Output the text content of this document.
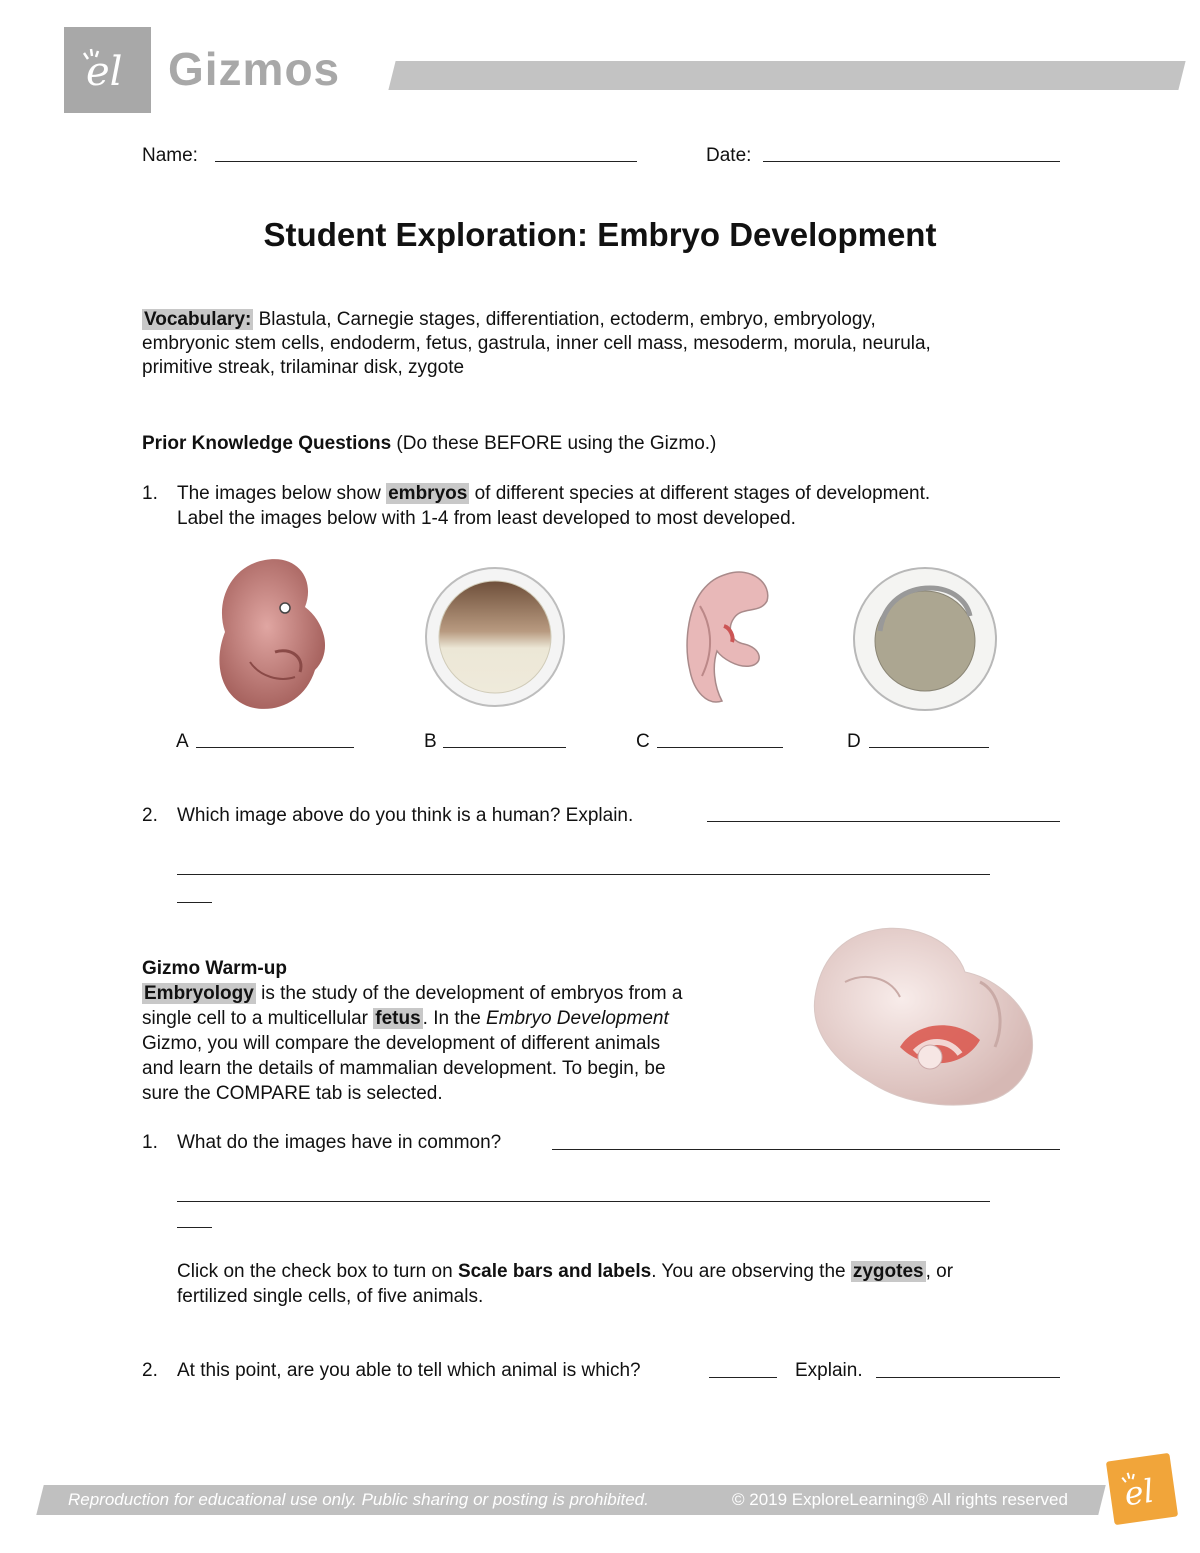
el Gizmos
Name:	Date:
Student Exploration: Embryo Development
Vocabulary: Blastula, Carnegie stages, differentiation, ectoderm, embryo, embryology,
embryonic stem cells, endoderm, fetus, gastrula, inner cell mass, mesoderm, morula, neurula,
primitive streak, trilaminar disk, zygote
Prior Knowledge Questions (Do these BEFORE using the Gizmo.)
1. The images below show embryos of different species at different stages of development.
Label the images below with 1-4 from least developed to most developed.
A	B	C	D
2. Which image above do you think is a human? Explain.
Gizmo Warm-up
Embryology is the study of the development of embryos from a
single cell to a multicellular fetus . In the Embryo Development
Gizmo, you will compare the development of different animals
and learn the details of mammalian development. To begin, be
sure the COMPARE tab is selected.
1. What do the images have in common?
Click on the check box to turn on Scale bars and labels. You are observing the zygotes , or
fertilized single cells, of five animals.
2. At this point, are you able to tell which animal is which?	Explain.
Reproduction for educational use only. Public sharing or posting is prohibited.	© 2019 ExploreLearning® All rights reserved el
